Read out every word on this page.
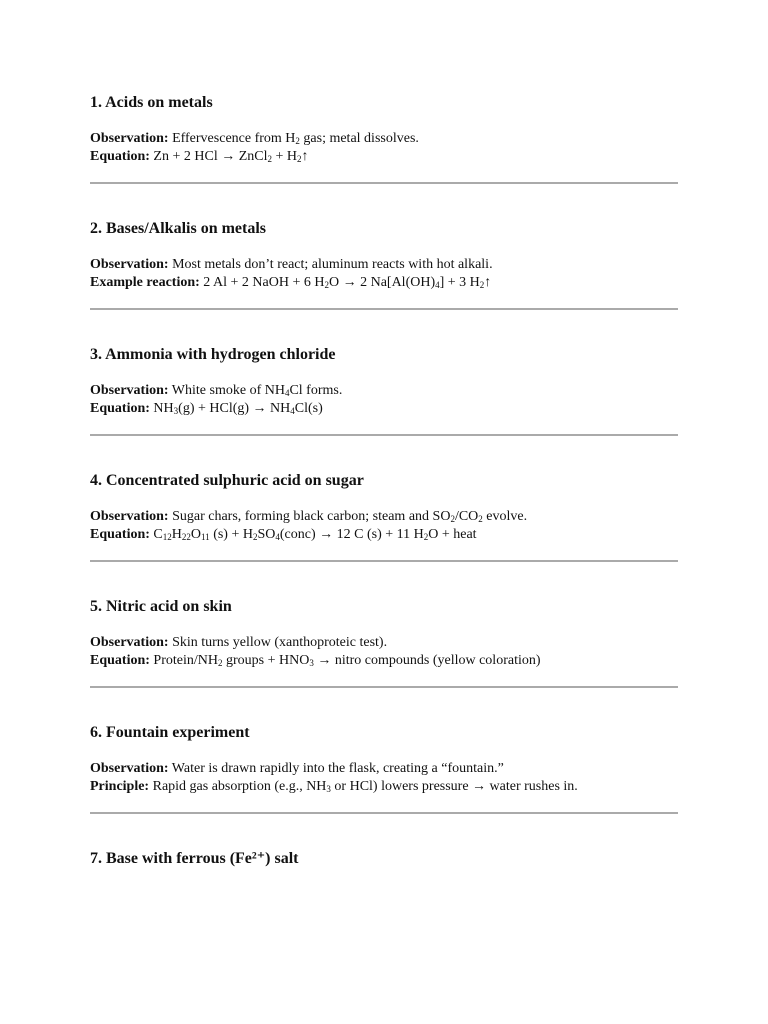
1. Acids on metals
Observation: Effervescence from $H_2$ gas; metal dissolves.
Equation: Zn + 2 HCl → ZnCl$_2$ + $H_2↑$
2. Bases/Alkalis on metals
Observation: Most metals don’t react; aluminum reacts with hot alkali.
Example reaction: 2 Al + 2 NaOH + 6 $H_2O \to 2$ $Na[Al(OH)_4] + 3$ $H_2↑$
3. Ammonia with hydrogen chloride
Observation: White smoke of $NH_4Cl$ forms.
Equation: $NH_3(g) + HCl(g) \to NH_4Cl(s)$
4. Concentrated sulphuric acid on sugar
Observation: Sugar chars, forming black carbon; steam and $SO_2/CO_2$ evolve.
Equation: $C_{12}H_{22}O_{11}$ $(s) + H_2SO_4(conc) \to 12$ C (s) + 11 $H_2O$ + heat
5. Nitric acid on skin
Observation: Skin turns yellow (xanthoproteic test).
Equation: Protein/$NH_2$ groups + $HNO_3$ → nitro compounds (yellow coloration)
6. Fountain experiment
Observation: Water is drawn rapidly into the flask, creating a “fountain.”
Principle: Rapid gas absorption (e.g., $NH_3$ or HCl) lowers pressure → water rushes in.
7. Base with ferrous (Fe²⁺) salt
